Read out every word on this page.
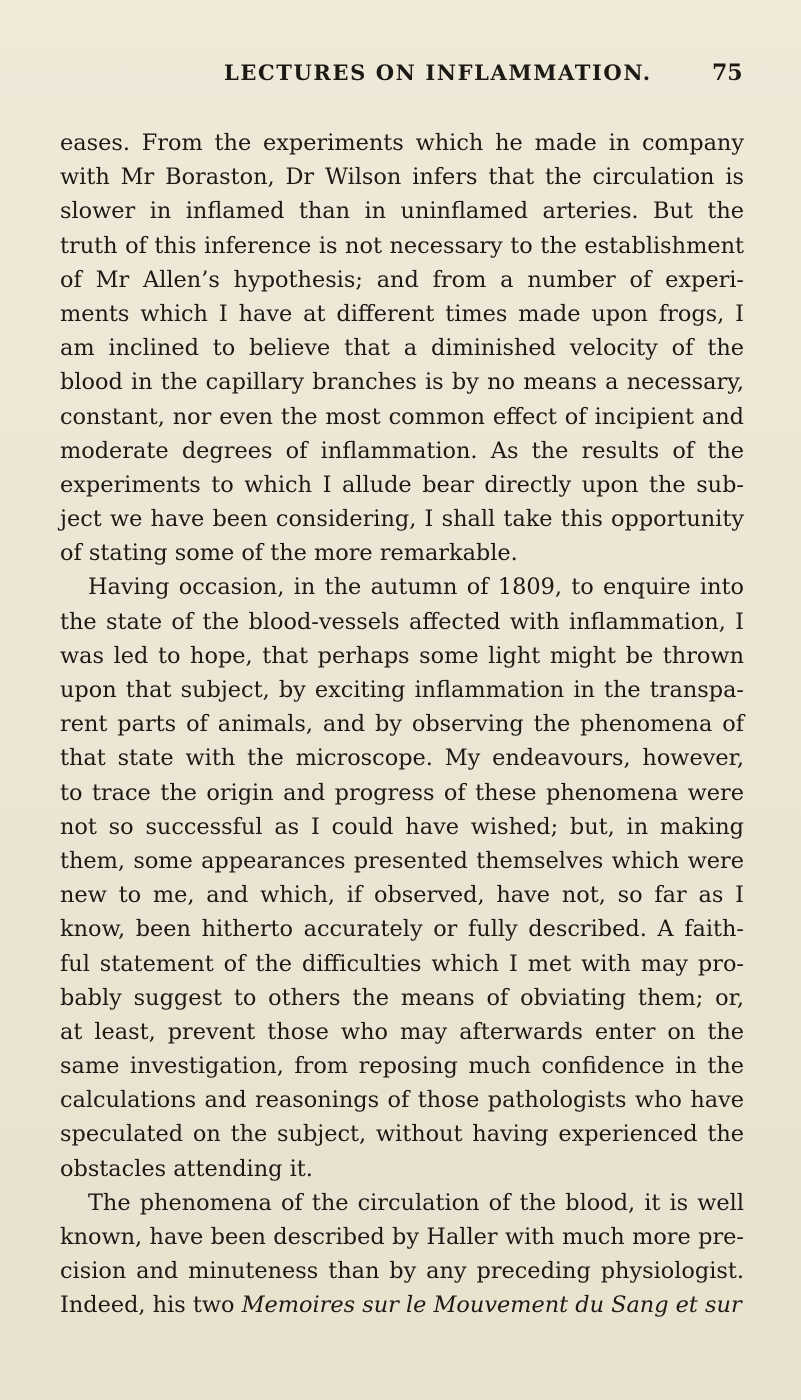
LECTURES ON INFLAMMATION.	75
eases. From the experiments which he made in company
with Mr Boraston, Dr Wilson infers that the circulation is
slower in inflamed than in uninflamed arteries. But the
truth of this inference is not necessary to the establishment
of Mr Allen’s hypothesis; and from a number of experi-
ments which I have at different times made upon frogs, I
am inclined to believe that a diminished velocity of the
blood in the capillary branches is by no means a necessary,
constant, nor even the most common effect of incipient and
moderate degrees of inflammation. As the results of the
experiments to which I allude bear directly upon the sub-
ject we have been considering, I shall take this opportunity
of stating some of the more remarkable.
Having occasion, in the autumn of 1809, to enquire into
the state of the blood-vessels affected with inflammation, I
was led to hope, that perhaps some light might be thrown
upon that subject, by exciting inflammation in the transpa-
rent parts of animals, and by observing the phenomena of
that state with the microscope. My endeavours, however,
to trace the origin and progress of these phenomena were
not so successful as I could have wished; but, in making
them, some appearances presented themselves which were
new to me, and which, if observed, have not, so far as I
know, been hitherto accurately or fully described. A faith-
ful statement of the difficulties which I met with may pro-
bably suggest to others the means of obviating them; or,
at least, prevent those who may afterwards enter on the
same investigation, from reposing much confidence in the
calculations and reasonings of those pathologists who have
speculated on the subject, without having experienced the
obstacles attending it.
The phenomena of the circulation of the blood, it is well
known, have been described by Haller with much more pre-
cision and minuteness than by any preceding physiologist.
Indeed, his two Memoires sur le Mouvement du Sang et sur
